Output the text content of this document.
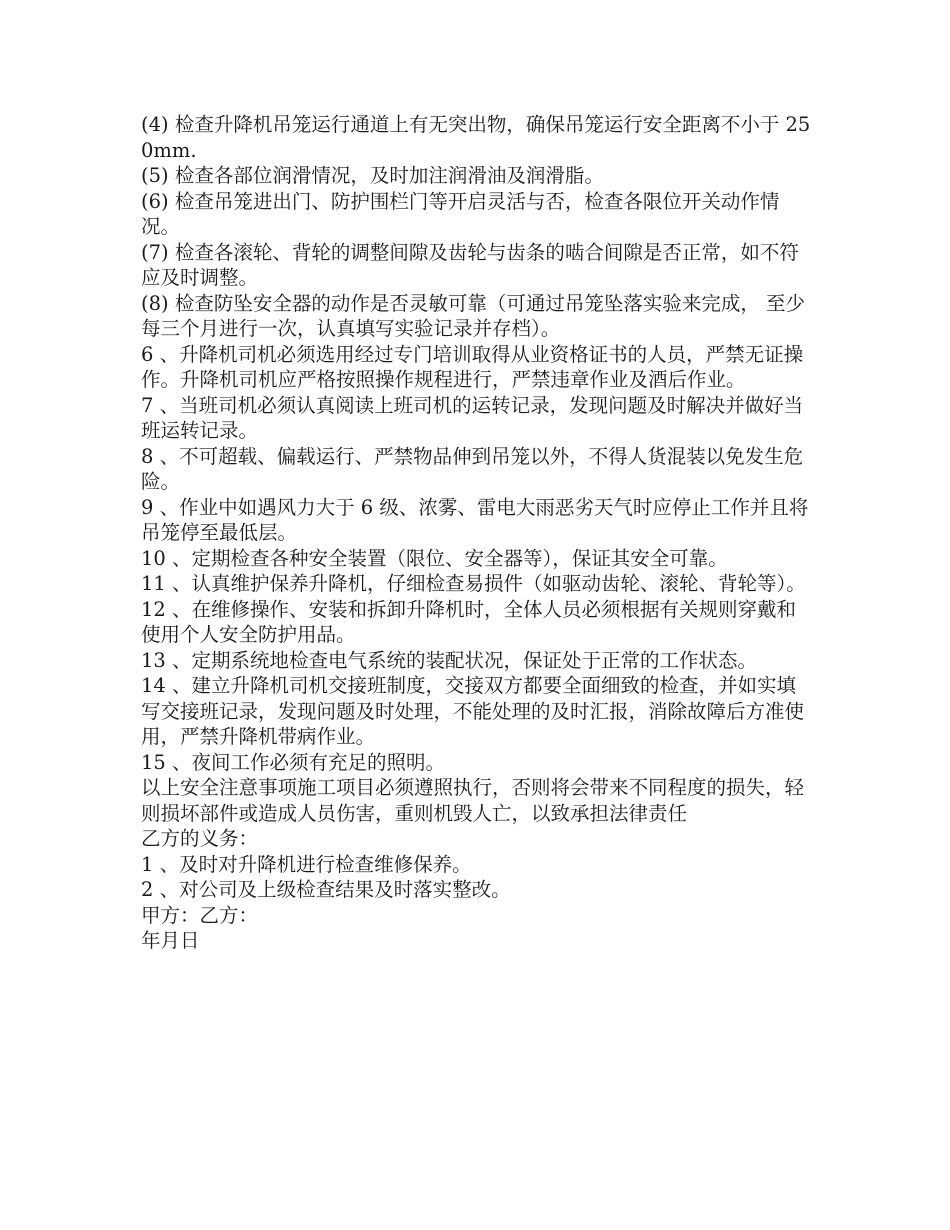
(4) 检查升降机吊笼运行通道上有无突出物，确保吊笼运行安全距离不小于 250mm.

(5) 检查各部位润滑情况，及时加注润滑油及润滑脂。

(6) 检查吊笼进出门、防护围栏门等开启灵活与否，检查各限位开关动作情况。

(7) 检查各滚轮、背轮的调整间隙及齿轮与齿条的啮合间隙是否正常，如不符应及时调整。

(8) 检查防坠安全器的动作是否灵敏可靠（可通过吊笼坠落实验来完成， 至少每三个月进行一次，认真填写实验记录并存档）。

6 、升降机司机必须选用经过专门培训取得从业资格证书的人员，严禁无证操作。升降机司机应严格按照操作规程进行，严禁违章作业及酒后作业。

7 、当班司机必须认真阅读上班司机的运转记录，发现问题及时解决并做好当班运转记录。

8 、不可超载、偏载运行、严禁物品伸到吊笼以外，不得人货混装以免发生危险。

9 、作业中如遇风力大于 6 级、浓雾、雷电大雨恶劣天气时应停止工作并且将吊笼停至最低层。

10 、定期检查各种安全装置（限位、安全器等），保证其安全可靠。

11 、认真维护保养升降机，仔细检查易损件（如驱动齿轮、滚轮、背轮等）。

12 、在维修操作、安装和拆卸升降机时，全体人员必须根据有关规则穿戴和使用个人安全防护用品。

13 、定期系统地检查电气系统的装配状况，保证处于正常的工作状态。

14 、建立升降机司机交接班制度，交接双方都要全面细致的检查，并如实填写交接班记录，发现问题及时处理，不能处理的及时汇报，消除故障后方准使用，严禁升降机带病作业。

15 、夜间工作必须有充足的照明。

以上安全注意事项施工项目必须遵照执行，否则将会带来不同程度的损失，轻则损坏部件或造成人员伤害，重则机毁人亡，以致承担法律责任

乙方的义务：

1 、及时对升降机进行检查维修保养。

2 、对公司及上级检查结果及时落实整改。

甲方：乙方：

年月日
